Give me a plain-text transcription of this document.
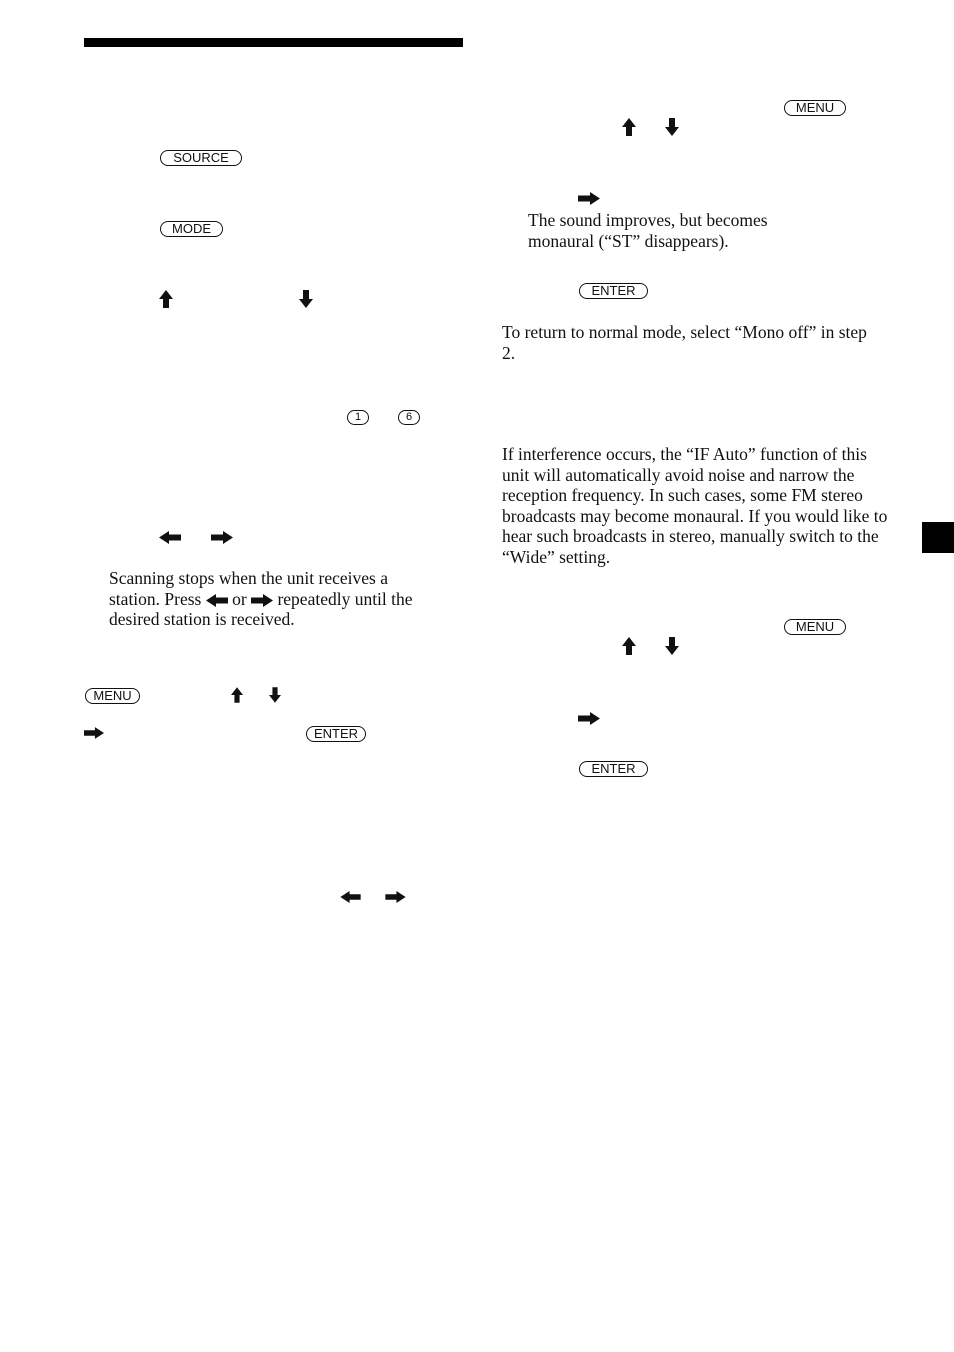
SOURCE
MODE
1	6
Scanning stops when the unit receives a
station. Press or repeatedly until the
desired station is received.
MENU
ENTER
MENU
The sound improves, but becomes monaural (“ST” disappears).
ENTER
To return to normal mode, select “Mono off” in step 2.
If interference occurs, the “IF Auto” function of this unit will automatically avoid noise and narrow the reception frequency. In such cases, some FM stereo broadcasts may become monaural. If you would like to hear such broadcasts in stereo, manually switch to the “Wide” setting.
MENU
ENTER
